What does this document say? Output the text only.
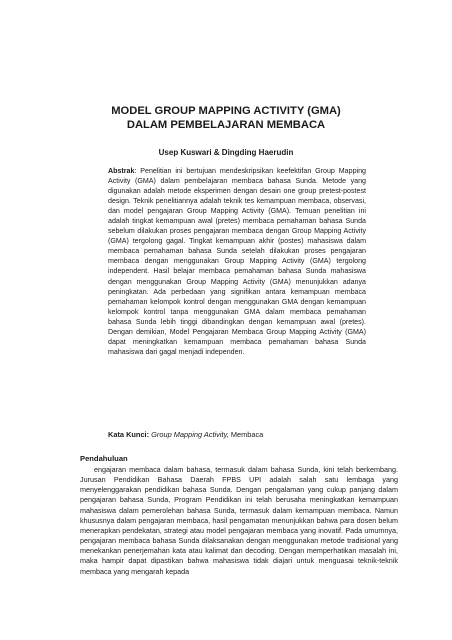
MODEL GROUP MAPPING ACTIVITY (GMA)
DALAM PEMBELAJARAN MEMBACA
Usep Kuswari & Dingding Haerudin
Abstrak: Penelitian ini bertujuan mendeskripsikan keefektifan Group Mapping Activity (GMA) dalam pembelajaran membaca bahasa Sunda. Metode yang digunakan adalah metode eksperimen dengan desain one group pretest-postest design. Teknik penelitiannya adalah teknik tes kemampuan membaca, observasi, dan model pengajaran Group Mapping Activity (GMA). Temuan penelitian ini adalah tingkat kemampuan awal (pretes) membaca pemahaman bahasa Sunda sebelum dilakukan proses pengajaran membaca dengan Group Mapping Activity (GMA) tergolong gagal. Tingkat kemampuan akhir (postes) mahasiswa dalam membaca pemahaman bahasa Sunda setelah dilakukan proses pengajaran membaca dengan menggunakan Group Mapping Activity (GMA) tergolong independent. Hasil belajar membaca pemahaman bahasa Sunda mahasiswa dengan menggunakan Group Mapping Activity (GMA) menunjukkan adanya peningkatan. Ada perbedaan yang signifikan antara kemampuan membaca pemahaman kelompok kontrol dengan menggunakan GMA dengan kemampuan kelompok kontrol tanpa menggunakan GMA dalam membaca pemahaman bahasa Sunda lebih tinggi dibandingkan dengan kemampuan awal (pretes). Dengan demikian, Model Pengajaran Membaca Group Mapping Activity (GMA) dapat meningkatkan kemampuan membaca pemahaman bahasa Sunda mahasiswa dari gagal menjadi independen.
Kata Kunci: Group Mapping Activity, Membaca
Pendahuluan

engajaran membaca dalam bahasa, termasuk dalam bahasa Sunda, kini telah berkembang. Jurusan Pendidikan Bahasa Daerah FPBS UPI adalah salah satu lembaga yang menyelenggarakan pendidikan bahasa Sunda. Dengan pengalaman yang cukup panjang dalam pengajaran bahasa Sunda, Program Pendidikan ini telah berusaha meningkatkan kemampuan mahasiswa dalam pemerolehan bahasa Sunda, termasuk dalam kemampuan membaca. Namun khususnya dalam pengajaran membaca, hasil pengamatan menunjukkan bahwa para dosen belum menerapkan pendekatan, strategi atau model pengajaran membaca yang inovatif. Pada umumnya, pengajaran membaca bahasa Sunda dilaksanakan dengan menggunakan metode tradisional yang menekankan penerjemahan kata atau kalimat dan decoding. Dengan memperhatikan masalah ini, maka hampir dapat dipastikan bahwa mahasiswa tidak diajari untuk menguasai teknik-teknik membaca yang mengarah kepada
